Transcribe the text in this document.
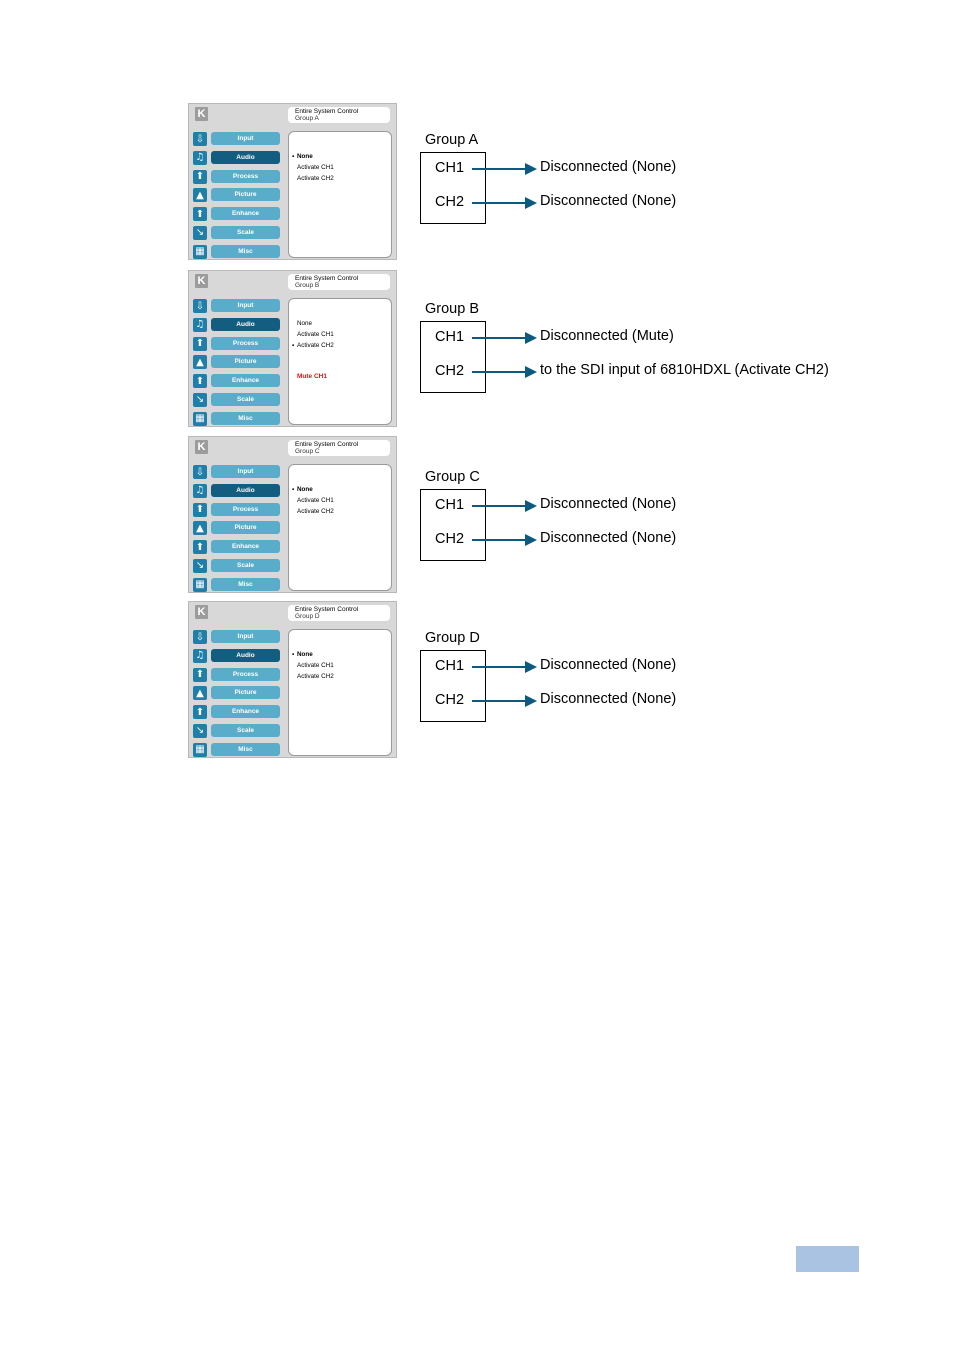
K	Entire System Control
Group A
⇩	Input
♫	Audio
⬆	Process
▲	Picture
⬆	Enhance
↘	Scale
▦	Misc
▪ None
Activate CH1
Activate CH2
K	Entire System Control
Group B
⇩	Input
♫	Audio
⬆	Process
▲	Picture
⬆	Enhance
↘	Scale
▦	Misc
None
Activate CH1
▪ Activate CH2
Mute CH1
K	Entire System Control
Group C
⇩	Input
♫	Audio
⬆	Process
▲	Picture
⬆	Enhance
↘	Scale
▦	Misc
▪ None
Activate CH1
Activate CH2
K	Entire System Control
Group D
⇩	Input
♫	Audio
⬆	Process
▲	Picture
⬆	Enhance
↘	Scale
▦	Misc
▪ None
Activate CH1
Activate CH2
Group A
CH1	Disconnected (None)
CH2	Disconnected (None)
Group B
CH1	Disconnected (Mute)
CH2	to the SDI input of 6810HDXL (Activate CH2)
Group C
CH1	Disconnected (None)
CH2	Disconnected (None)
Group D
CH1	Disconnected (None)
CH2	Disconnected (None)
